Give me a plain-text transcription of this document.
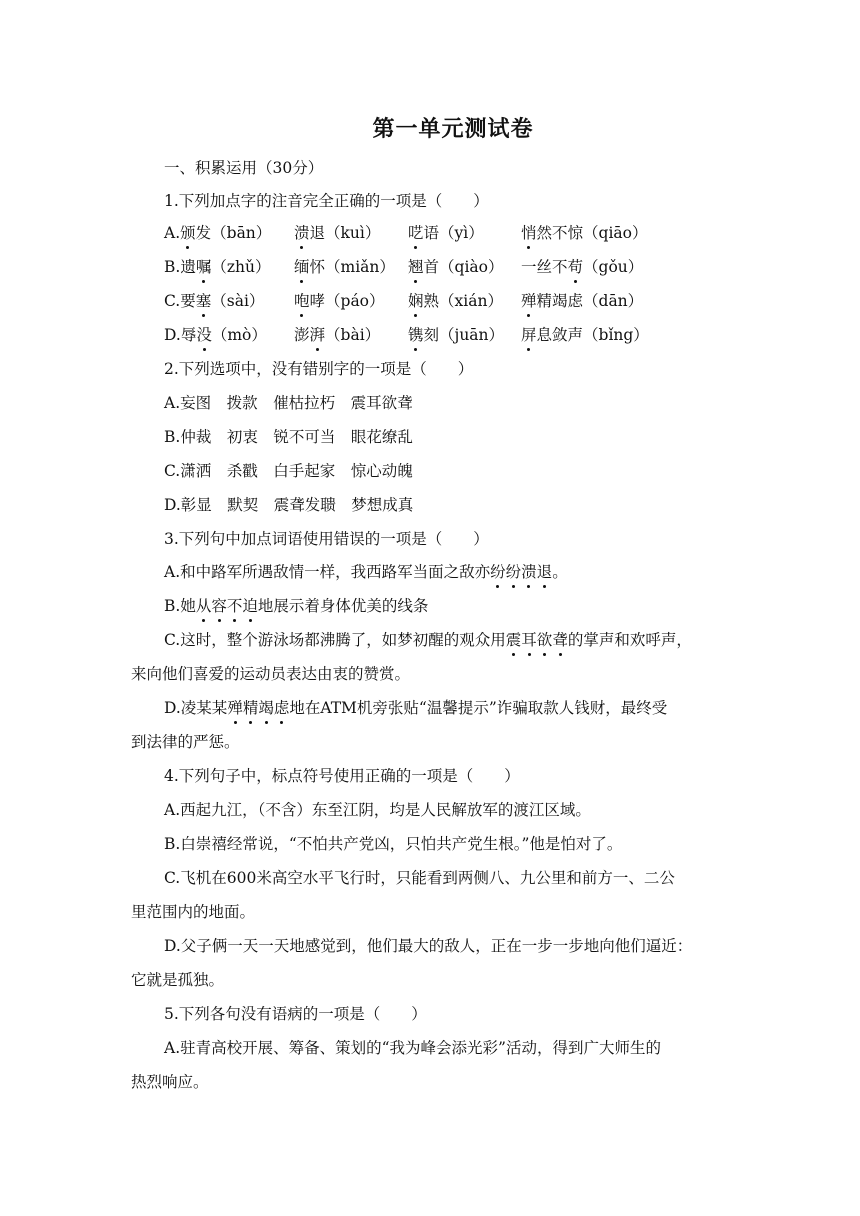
第一单元测试卷
一、积累运用（30分）
1.下列加点字的注音完全正确的一项是（　　）
A.颁发（bān） 溃退（kuì） 呓语（yì） 悄然不惊（qiāo）
B.遗嘱（zhǔ） 缅怀（miǎn） 翘首（qiào） 一丝不苟（gǒu）
C.要塞（sài） 咆哮（páo） 娴熟（xián） 殚精竭虑（dān）
D.辱没（mò） 澎湃（bài） 镌刻（juān） 屏息敛声（bǐng）
2.下列选项中，没有错别字的一项是（　　）
A.妄图　拨款　催枯拉朽　震耳欲聋
B.仲裁　初衷　锐不可当　眼花缭乱
C.潇洒　杀戳　白手起家　惊心动魄
D.彰显　默契　震聋发聩　梦想成真
3.下列句中加点词语使用错误的一项是（　　）
A.和中路军所遇敌情一样，我西路军当面之敌亦纷纷溃退。
B.她从容不迫地展示着身体优美的线条
C.这时，整个游泳场都沸腾了，如梦初醒的观众用震耳欲聋的掌声和欢呼声，
来向他们喜爱的运动员表达由衷的赞赏。
D.凌某某殚精竭虑地在ATM机旁张贴“温馨提示”诈骗取款人钱财，最终受
到法律的严惩。
4.下列句子中，标点符号使用正确的一项是（　　）
A.西起九江，（不含）东至江阴，均是人民解放军的渡江区域。
B.白崇禧经常说，“不怕共产党凶，只怕共产党生根。”他是怕对了。
C.飞机在600米高空水平飞行时，只能看到两侧八、九公里和前方一、二公
里范围内的地面。
D.父子俩一天一天地感觉到，他们最大的敌人，正在一步一步地向他们逼近：
它就是孤独。
5.下列各句没有语病的一项是（　　）
A.驻青高校开展、筹备、策划的“我为峰会添光彩”活动，得到广大师生的
热烈响应。
